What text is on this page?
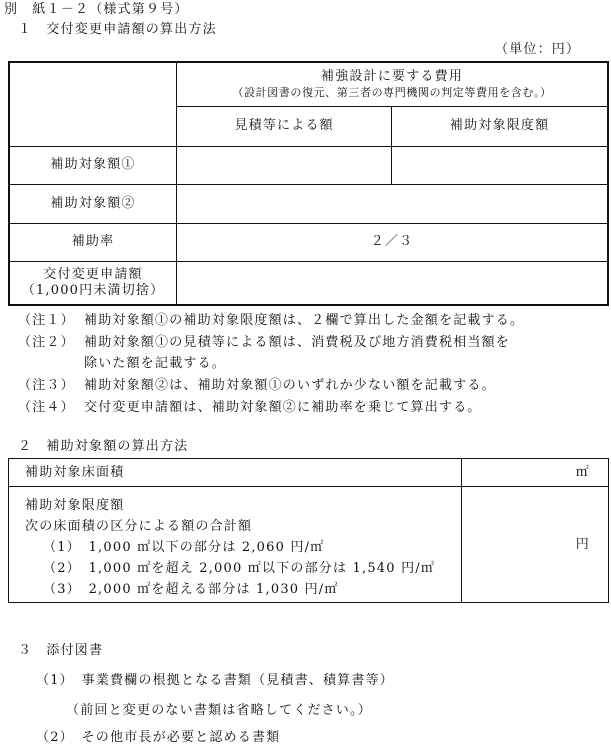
別　紙１－２（様式第９号）
１　交付変更申請額の算出方法
（単位：円）

	補強設計に要する費用
（設計図書の復元、第三者の専門機関の判定等費用を含む。）	

	見積等による額	補助対象限度額
補助対象額①		
補助対象額②		
補助率	２／３	

交付変更申請額
（1,000円未満切捨）		

（注１） 補助対象額①の補助対象限度額は、２欄で算出した金額を記載する。
（注２） 補助対象額①の見積等による額は、消費税及び地方消費税相当額を
除いた額を記載する。
（注３） 補助対象額②は、補助対象額①のいずれか少ない額を記載する。
（注４） 交付変更申請額は、補助対象額②に補助率を乗じて算出する。
２　補助対象額の算出方法
補助対象床面積	㎡

補助対象限度額
次の床面積の区分による額の合計額
（1）　1,000 ㎡以下の部分は 2,060 円/㎡
（2）　1,000 ㎡を超え 2,000 ㎡以下の部分は 1,540 円/㎡
（3）　2,000 ㎡を超える部分は 1,030 円/㎡	円
３　添付図書
（1）　事業費欄の根拠となる書類（見積書、積算書等）
（前回と変更のない書類は省略してください。）
（2）　その他市長が必要と認める書類
